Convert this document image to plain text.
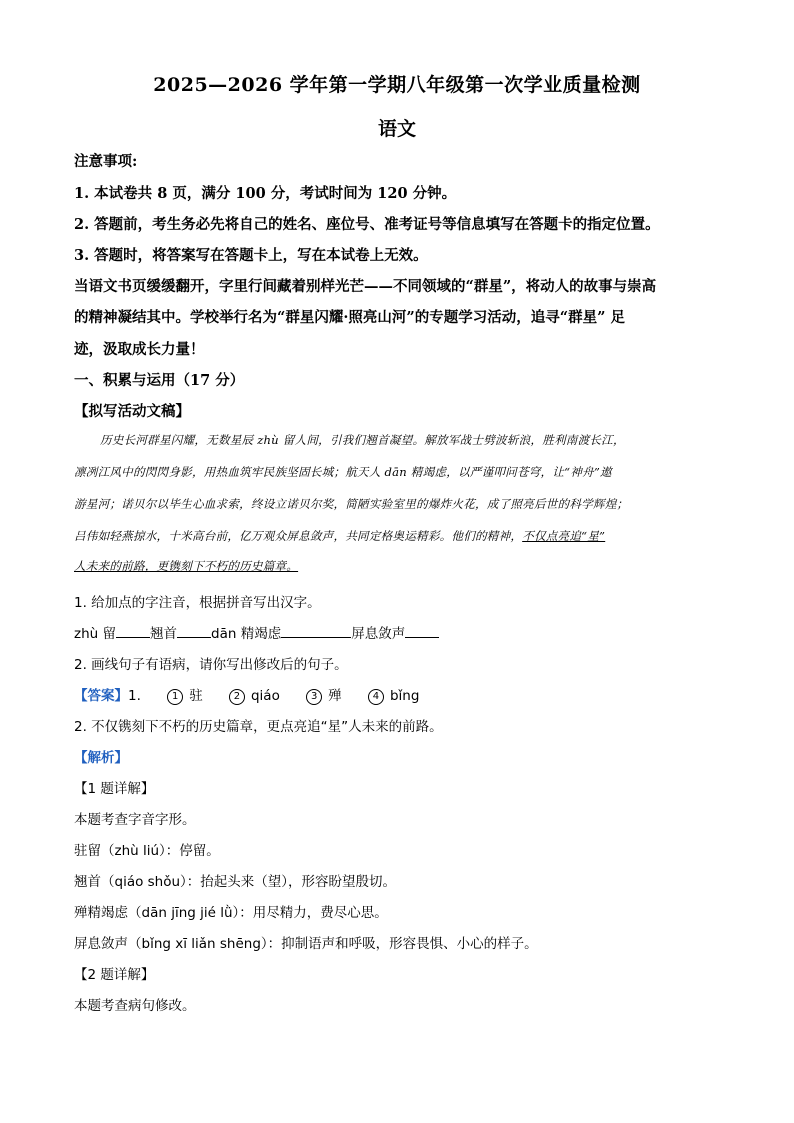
2025—2026 学年第一学期八年级第一次学业质量检测
语文
注意事项:
1. 本试卷共 8 页，满分 100 分，考试时间为 120 分钟。
2. 答题前，考生务必先将自己的姓名、座位号、准考证号等信息填写在答题卡的指定位置。
3. 答题时，将答案写在答题卡上，写在本试卷上无效。
当语文书页缓缓翻开，字里行间藏着别样光芒——不同领域的“群星”，将动人的故事与崇高
的精神凝结其中。学校举行名为“群星闪耀·照亮山河”的专题学习活动，追寻“群星” 足
迹，汲取成长力量！
一、积累与运用（17 分）
【拟写活动文稿】
历史长河群星闪耀，无数星辰 zhù 留人间，引我们翘首凝望。解放军战士劈波斩浪，胜利南渡长江，
凛冽江风中的閃閃身影，用热血筑牢民族坚固长城；航天人 dān 精竭虑，以严谨叩问苍穹，让“神舟”遨
游星河；诺贝尔以毕生心血求索，终设立诺贝尔奖，简陋实验室里的爆炸火花，成了照亮后世的科学辉煌；
吕伟如轻燕掠水，十米高台前，亿万观众屏息敛声，共同定格奥运精彩。他们的精神，不仅点亮追“星”
人未来的前路，更镌刻下不朽的历史篇章。
1. 给加点的字注音，根据拼音写出汉字。
zhù 留	翘首	dān 精竭虑	屏息敛声
2. 画线句子有语病，请你写出修改后的句子。
【答案】1.	1 驻	2 qiáo	3 殚	4 bǐng
2. 不仅镌刻下不朽的历史篇章，更点亮追“星”人未来的前路。
【解析】
【1 题详解】
本题考查字音字形。
驻留（zhù liú）：停留。
翘首（qiáo shǒu）：抬起头来（望），形容盼望殷切。
殚精竭虑（dān jīng jié lǜ）：用尽精力，费尽心思。
屏息敛声（bǐng xī liǎn shēng）：抑制语声和呼吸，形容畏惧、小心的样子。
【2 题详解】
本题考查病句修改。
